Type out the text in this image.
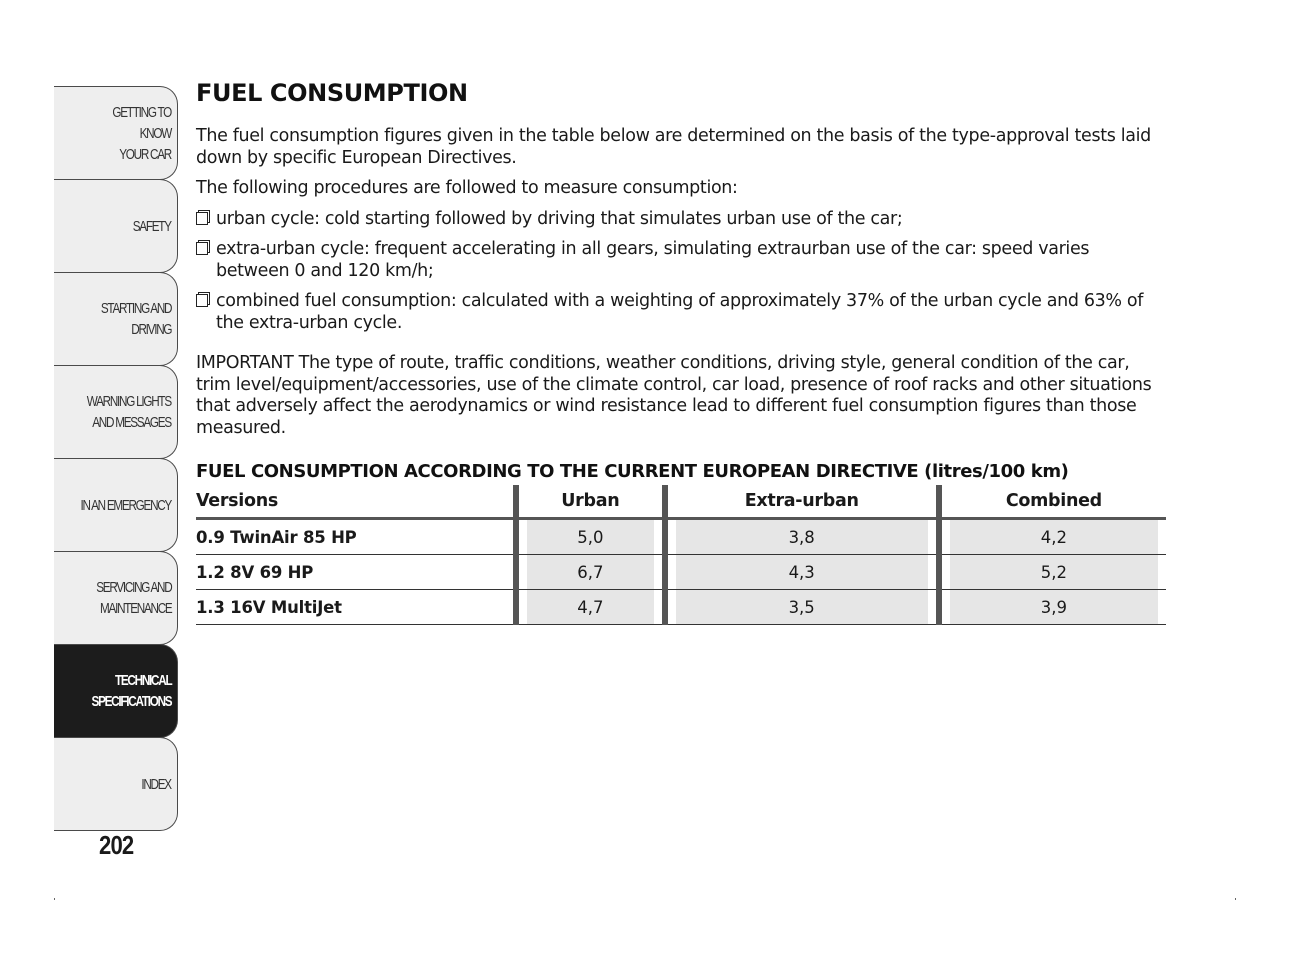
GETTING TO KNOW
YOUR CAR
SAFETY
STARTING AND
DRIVING
WARNING LIGHTS
AND MESSAGES
IN AN EMERGENCY
SERVICING AND
MAINTENANCE
TECHNICAL
SPECIFICATIONS
INDEX
202
FUEL CONSUMPTION

The fuel consumption figures given in the table below are determined on the basis of the type-approval tests laid down by specific European Directives.

The following procedures are followed to measure consumption:

urban cycle: cold starting followed by driving that simulates urban use of the car;
extra-urban cycle: frequent accelerating in all gears, simulating extraurban use of the car: speed varies between 0 and 120 km/h;
combined fuel consumption: calculated with a weighting of approximately 37% of the urban cycle and 63% of the extra-urban cycle.

IMPORTANT The type of route, traffic conditions, weather conditions, driving style, general condition of the car, trim level/equipment/accessories, use of the climate control, car load, presence of roof racks and other situations that adversely affect the aerodynamics or wind resistance lead to different fuel consumption figures than those measured.

FUEL CONSUMPTION ACCORDING TO THE CURRENT EUROPEAN DIRECTIVE (litres/100 km)
Versions	Urban	Extra-urban	Combined
0.9 TwinAir 85 HP	5,0	3,8	4,2
1.2 8V 69 HP	6,7	4,3	5,2
1.3 16V MultiJet	4,7	3,5	3,9
